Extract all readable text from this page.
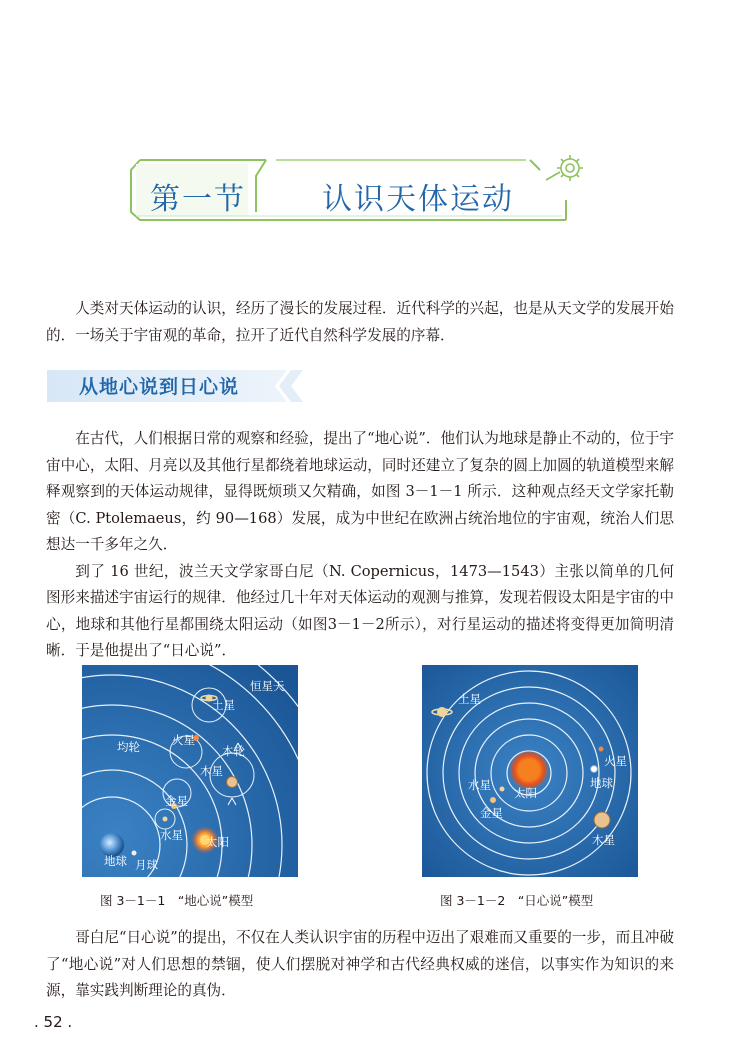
第一节	认识天体运动

人类对天体运动的认识，经历了漫长的发展过程．近代科学的兴起，也是从天文学的发展开始的．一场关于宇宙观的革命，拉开了近代自然科学发展的序幕．

从地心说到日心说

在古代，人们根据日常的观察和经验，提出了“地心说”．他们认为地球是静止不动的，位于宇宙中心，太阳、月亮以及其他行星都绕着地球运动，同时还建立了复杂的圆上加圆的轨道模型来解释观察到的天体运动规律，显得既烦琐又欠精确，如图 3－1－1 所示．这种观点经天文学家托勒密（C. Ptolemaeus，约 90—168）发展，成为中世纪在欧洲占统治地位的宇宙观，统治人们思想达一千多年之久．

到了 16 世纪，波兰天文学家哥白尼（N. Copernicus，1473—1543）主张以简单的几何图形来描述宇宙运行的规律．他经过几十年对天体运动的观测与推算，发现若假设太阳是宇宙的中心，地球和其他行星都围绕太阳运动（如图3－1－2所示），对行星运动的描述将变得更加简明清晰．于是他提出了“日心说”．

恒星天
土星
均轮	火星
本轮
木星
金星
水星 太阳
地球 月球
图 3－1－1　“地心说”模型
土星
火星
地球
水星
太阳
金星
木星
图 3－1－2　“日心说”模型

哥白尼“日心说”的提出，不仅在人类认识宇宙的历程中迈出了艰难而又重要的一步，而且冲破了“地心说”对人们思想的禁锢，使人们摆脱对神学和古代经典权威的迷信，以事实作为知识的来源，靠实践判断理论的真伪．

. 52 .
